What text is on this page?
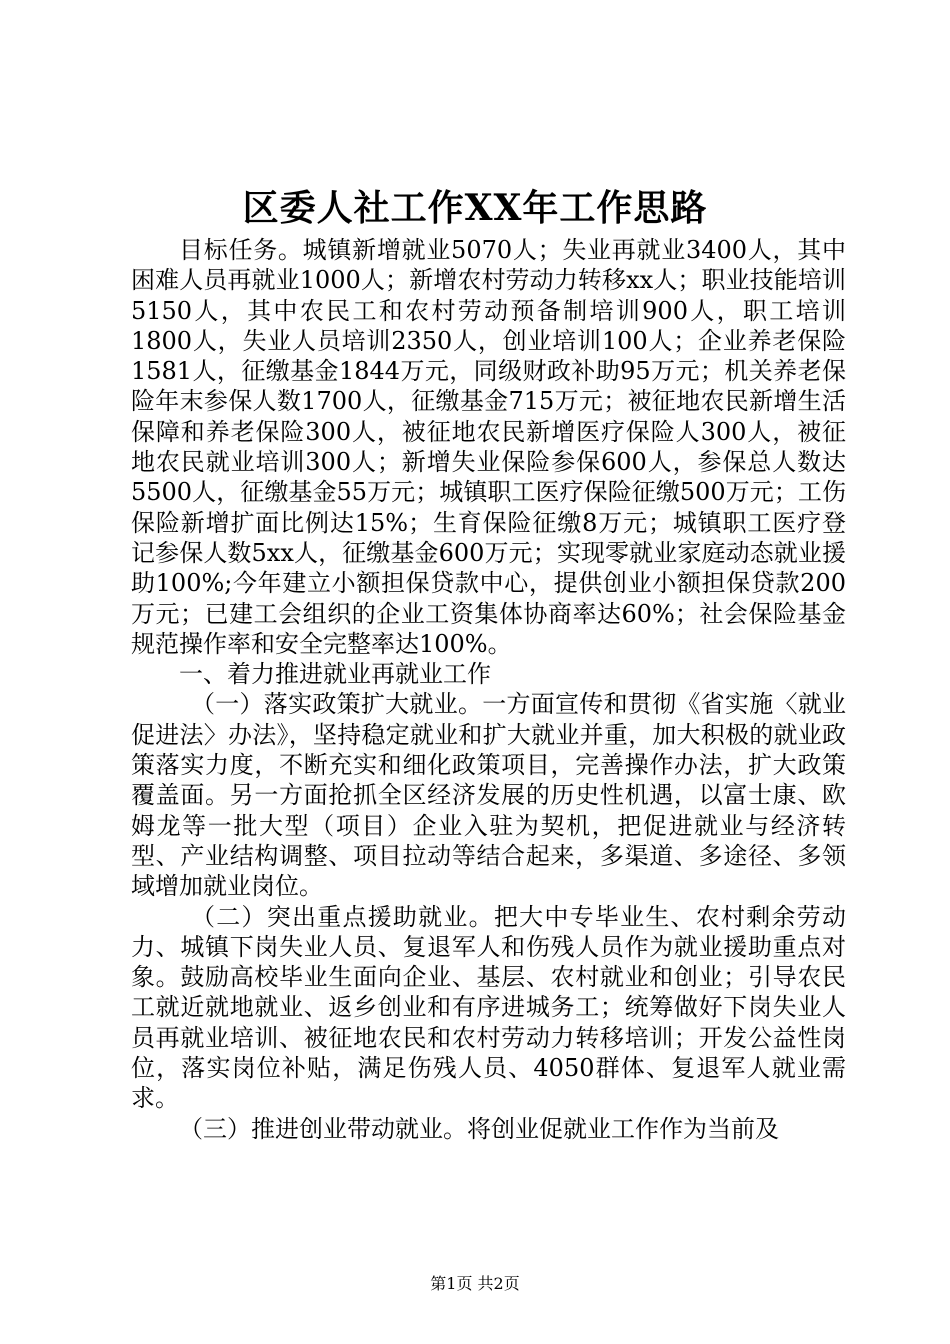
区委人社工作XX年工作思路

目标任务。城镇新增就业5070人；失业再就业3400人，其中困难人员再就业1000人；新增农村劳动力转移xx人；职业技能培训5150人，其中农民工和农村劳动预备制培训900人，职工培训1800人，失业人员培训2350人，创业培训100人；企业养老保险1581人，征缴基金1844万元，同级财政补助95万元；机关养老保险年末参保人数1700人，征缴基金715万元；被征地农民新增生活保障和养老保险300人，被征地农民新增医疗保险人300人，被征地农民就业培训300人；新增失业保险参保600人，参保总人数达5500人，征缴基金55万元；城镇职工医疗保险征缴500万元；工伤保险新增扩面比例达15%；生育保险征缴8万元；城镇职工医疗登记参保人数5xx人，征缴基金600万元；实现零就业家庭动态就业援助100%;今年建立小额担保贷款中心，提供创业小额担保贷款200万元；已建工会组织的企业工资集体协商率达60%；社会保险基金规范操作率和安全完整率达100%。

一、着力推进就业再就业工作

（一）落实政策扩大就业。一方面宣传和贯彻《省实施〈就业促进法〉办法》，坚持稳定就业和扩大就业并重，加大积极的就业政策落实力度，不断充实和细化政策项目，完善操作办法，扩大政策覆盖面。另一方面抢抓全区经济发展的历史性机遇，以富士康、欧姆龙等一批大型（项目）企业入驻为契机，把促进就业与经济转型、产业结构调整、项目拉动等结合起来，多渠道、多途径、多领域增加就业岗位。

（二）突出重点援助就业。把大中专毕业生、农村剩余劳动力、城镇下岗失业人员、复退军人和伤残人员作为就业援助重点对象。鼓励高校毕业生面向企业、基层、农村就业和创业；引导农民工就近就地就业、返乡创业和有序进城务工；统筹做好下岗失业人员再就业培训、被征地农民和农村劳动力转移培训；开发公益性岗位，落实岗位补贴，满足伤残人员、4050群体、复退军人就业需求。

（三）推进创业带动就业。将创业促就业工作作为当前及

第1页 共2页
